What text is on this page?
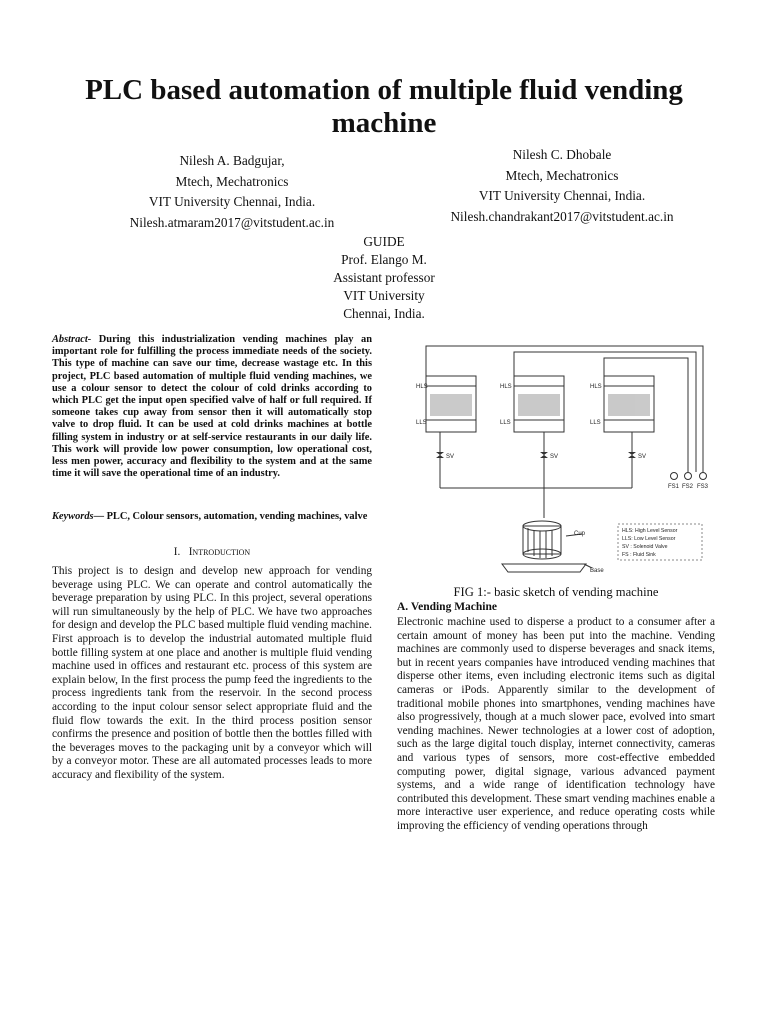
PLC based automation of multiple fluid vending machine
Nilesh A. Badgujar,
Mtech, Mechatronics
VIT University Chennai, India.
Nilesh.atmaram2017@vitstudent.ac.in
Nilesh C. Dhobale
Mtech, Mechatronics
VIT University Chennai, India.
Nilesh.chandrakant2017@vitstudent.ac.in
GUIDE
Prof. Elango M.
Assistant professor
VIT University
Chennai, India.
Abstract- During this industrialization vending machines play an important role for fulfilling the process immediate needs of the society. This type of machine can save our time, decrease wastage etc. In this project, PLC based automation of multiple fluid vending machines, we use a colour sensor to detect the colour of cold drinks according to which PLC get the input open specified valve of half or full required. If someone takes cup away from sensor then it will automatically stop valve to drop fluid. It can be used at cold drinks machines at bottle filling system in industry or at self-service restaurants in our daily life. This work will provide low power consumption, low operational cost, less men power, accuracy and flexibility to the system and at the same time it will save the operational time of an industry.
Keywords— PLC, Colour sensors, automation, vending machines, valve
I. Introduction
This project is to design and develop new approach for vending beverage using PLC. We can operate and control automatically the beverage preparation by using PLC. In this project, several operations will run simultaneously by the help of PLC. We have two approaches for design and develop the PLC based multiple fluid vending machine. First approach is to develop the industrial automated multiple fluid bottle filling system at one place and another is multiple fluid vending machine used in offices and restaurant etc. process of this system are explain below, In the first process the pump feed the ingredients to the process ingredients tank from the reservoir. In the second process according to the input colour sensor select appropriate fluid and the fluid flow towards the exit. In the third process position sensor confirms the presence and position of bottle then the bottles filled with the beverages moves to the packaging unit by a conveyor which will by a conveyor motor. These are all automated processes leads to more accuracy and flexibility of the system.
HLS
LLS
HLS
LLS
HLS
LLS
SV	SV	SV
FS1 FS2 FS3
Cup
Base
HLS: High Level Sensor
LLS: Low Level Sensor
SV : Solenoid Valve
FS : Fluid Sink
FIG 1:- basic sketch of vending machine
A. Vending Machine
Electronic machine used to disperse a product to a consumer after a certain amount of money has been put into the machine. Vending machines are commonly used to disperse beverages and snack items, but in recent years companies have introduced vending machines that disperse other items, even including electronic items such as digital cameras or iPods. Apparently similar to the development of traditional mobile phones into smartphones, vending machines have also progressively, though at a much slower pace, evolved into smart vending machines. Newer technologies at a lower cost of adoption, such as the large digital touch display, internet connectivity, cameras and various types of sensors, more cost-effective embedded computing power, digital signage, various advanced payment systems, and a wide range of identification technology have contributed this development. These smart vending machines enable a more interactive user experience, and reduce operating costs while improving the efficiency of vending operations through
